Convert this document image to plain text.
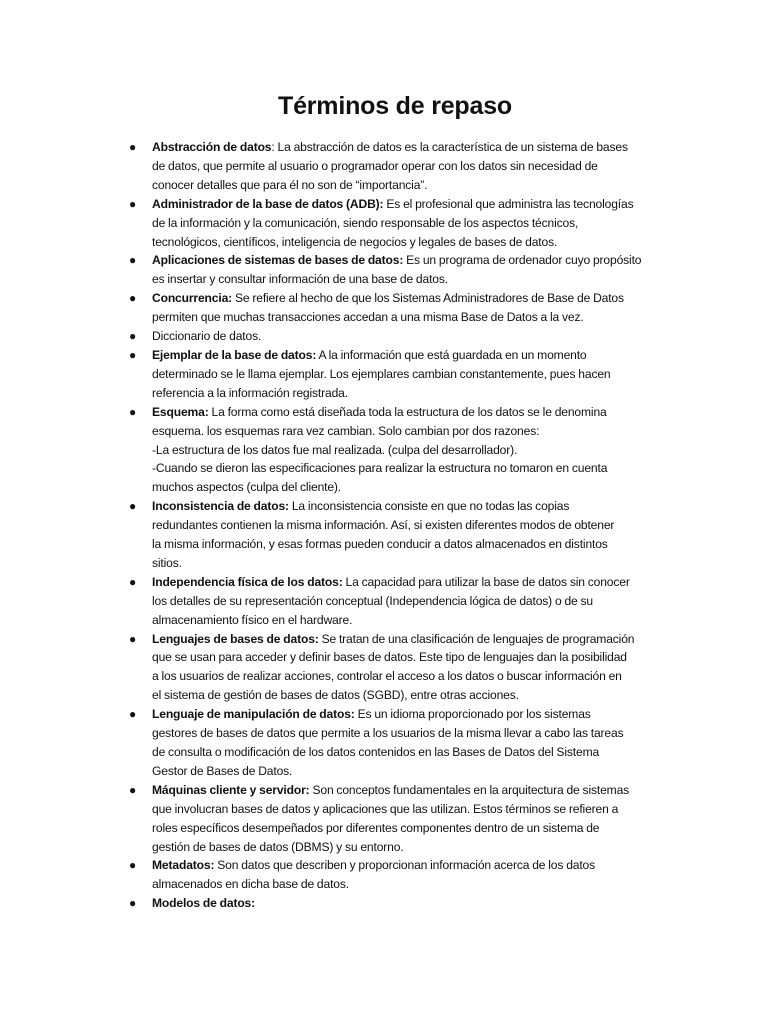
Términos de repaso
● Abstracción de datos: La abstracción de datos es la característica de un sistema de bases
de datos, que permite al usuario o programador operar con los datos sin necesidad de
conocer detalles que para él no son de “importancia”.
● Administrador de la base de datos (ADB): Es el profesional que administra las tecnologías
de la información y la comunicación, siendo responsable de los aspectos técnicos,
tecnológicos, científicos, inteligencia de negocios y legales de bases de datos.
● Aplicaciones de sistemas de bases de datos: Es un programa de ordenador cuyo propósito
es insertar y consultar información de una base de datos.
● Concurrencia: Se refiere al hecho de que los Sistemas Administradores de Base de Datos
permiten que muchas transacciones accedan a una misma Base de Datos a la vez.
● Diccionario de datos.
● Ejemplar de la base de datos: A la información que está guardada en un momento
determinado se le llama ejemplar. Los ejemplares cambian constantemente, pues hacen
referencia a la información registrada.
● Esquema: La forma como está diseñada toda la estructura de los datos se le denomina
esquema. los esquemas rara vez cambian. Solo cambian por dos razones:
-La estructura de los datos fue mal realizada. (culpa del desarrollador).
-Cuando se dieron las especificaciones para realizar la estructura no tomaron en cuenta
muchos aspectos (culpa del cliente).
● Inconsistencia de datos: La inconsistencia consiste en que no todas las copias
redundantes contienen la misma información. Así, si existen diferentes modos de obtener
la misma información, y esas formas pueden conducir a datos almacenados en distintos
sitios.
● Independencia física de los datos: La capacidad para utilizar la base de datos sin conocer
los detalles de su representación conceptual (Independencia lógica de datos) o de su
almacenamiento físico en el hardware.
● Lenguajes de bases de datos: Se tratan de una clasificación de lenguajes de programación
que se usan para acceder y definir bases de datos. Este tipo de lenguajes dan la posibilidad
a los usuarios de realizar acciones, controlar el acceso a los datos o buscar información en
el sistema de gestión de bases de datos (SGBD), entre otras acciones.
● Lenguaje de manipulación de datos: Es un idioma proporcionado por los sistemas
gestores de bases de datos que permite a los usuarios de la misma llevar a cabo las tareas
de consulta o modificación de los datos contenidos en las Bases de Datos del Sistema
Gestor de Bases de Datos.
● Máquinas cliente y servidor: Son conceptos fundamentales en la arquitectura de sistemas
que involucran bases de datos y aplicaciones que las utilizan. Estos términos se refieren a
roles específicos desempeñados por diferentes componentes dentro de un sistema de
gestión de bases de datos (DBMS) y su entorno.
● Metadatos: Son datos que describen y proporcionan información acerca de los datos
almacenados en dicha base de datos.
● Modelos de datos:
